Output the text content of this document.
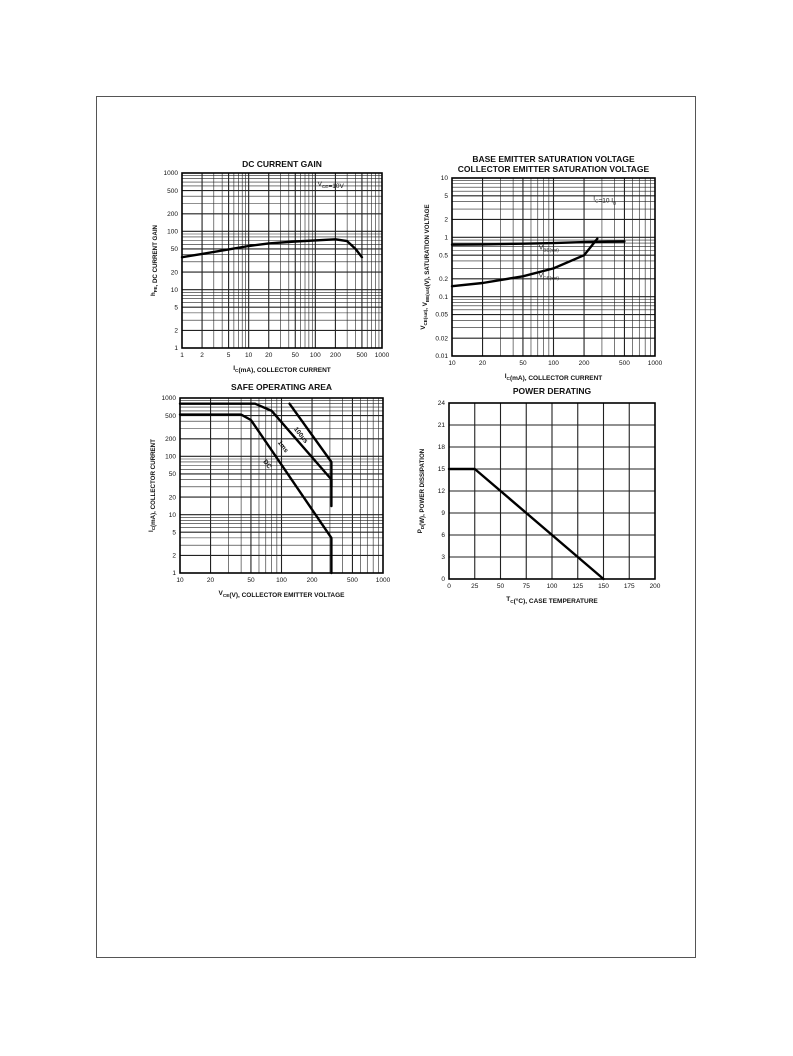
DC CURRENT GAIN
1	2	5 10 20	50 100 200 500 1000
1
2
5
10
20
50
100
200
500
1000
$I_C(mA)$, COLLECTOR CURRENT
$h_{FE}$, DC CURRENT GAIN
$V_{CE}=10V$
BASE EMITTER SATURATION VOLTAGE
COLLECTOR EMITTER SATURATION VOLTAGE
10	20	50	100	200	500	1000
0.01
0.02
0.05
0.1
0.2
0.5
1
2
5
10
$I_C(mA)$, COLLECTOR CURRENT
$V_{CE(sat)}$, $V_{BE(sat)}(V)$, SATURATION VOLTAGE
$I_C=10$ $I_B$
$V_{BE(sat)}$
$V_{CE(sat)}$
SAFE OPERATING AREA
10	20	50	100	200	500	1000
1
2
5
10
20
50
100
200
500
1000
$V_{CE}(V)$, COLLECTOR EMITTER VOLTAGE
$I_C(mA)$, COLLECTOR CURRENT
100μs
1ms
DC
POWER DERATING
0	25	50	75	100 125 150 175 200
0
3
6
9
12
15
18
21
24
$T_C(^\circ C)$, CASE TEMPERATURE
$P_D(W)$, POWER DISSIPATION
